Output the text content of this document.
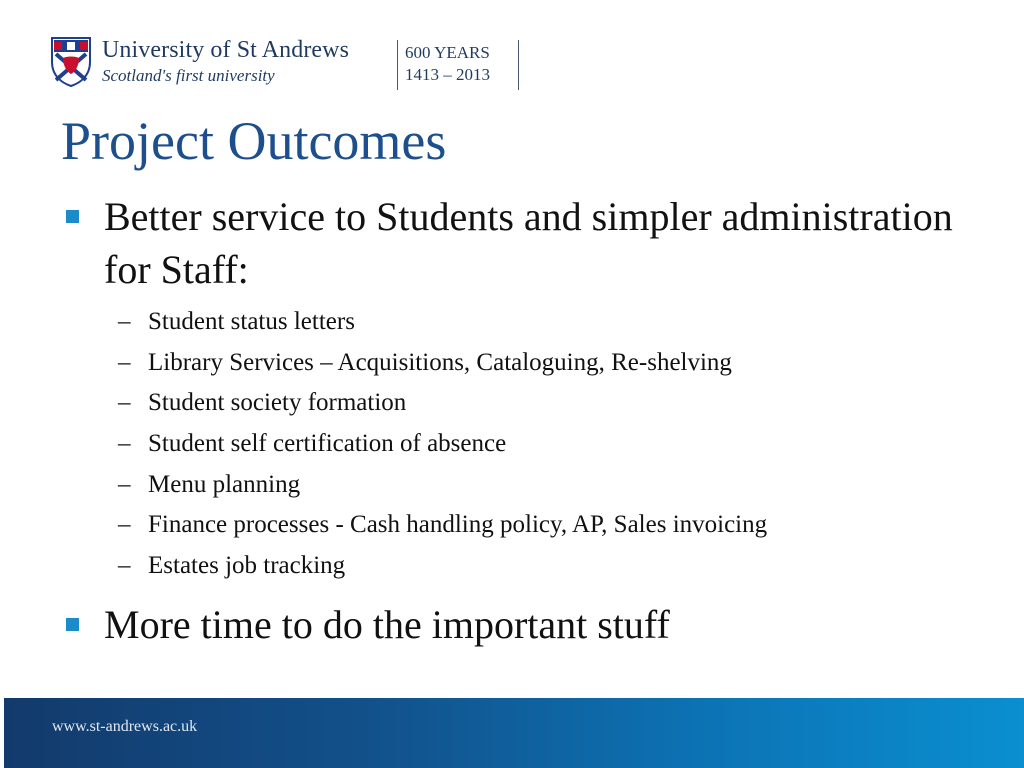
University of St Andrews
Scotland's first university
600 YEARS
1413 – 2013
Project Outcomes
Better service to Students and simpler administration for Staff:
– Student status letters
– Library Services – Acquisitions, Cataloguing, Re-shelving
– Student society formation
– Student self certification of absence
– Menu planning
– Finance processes - Cash handling policy, AP, Sales invoicing
– Estates job tracking
More time to do the important stuff
www.st-andrews.ac.uk
